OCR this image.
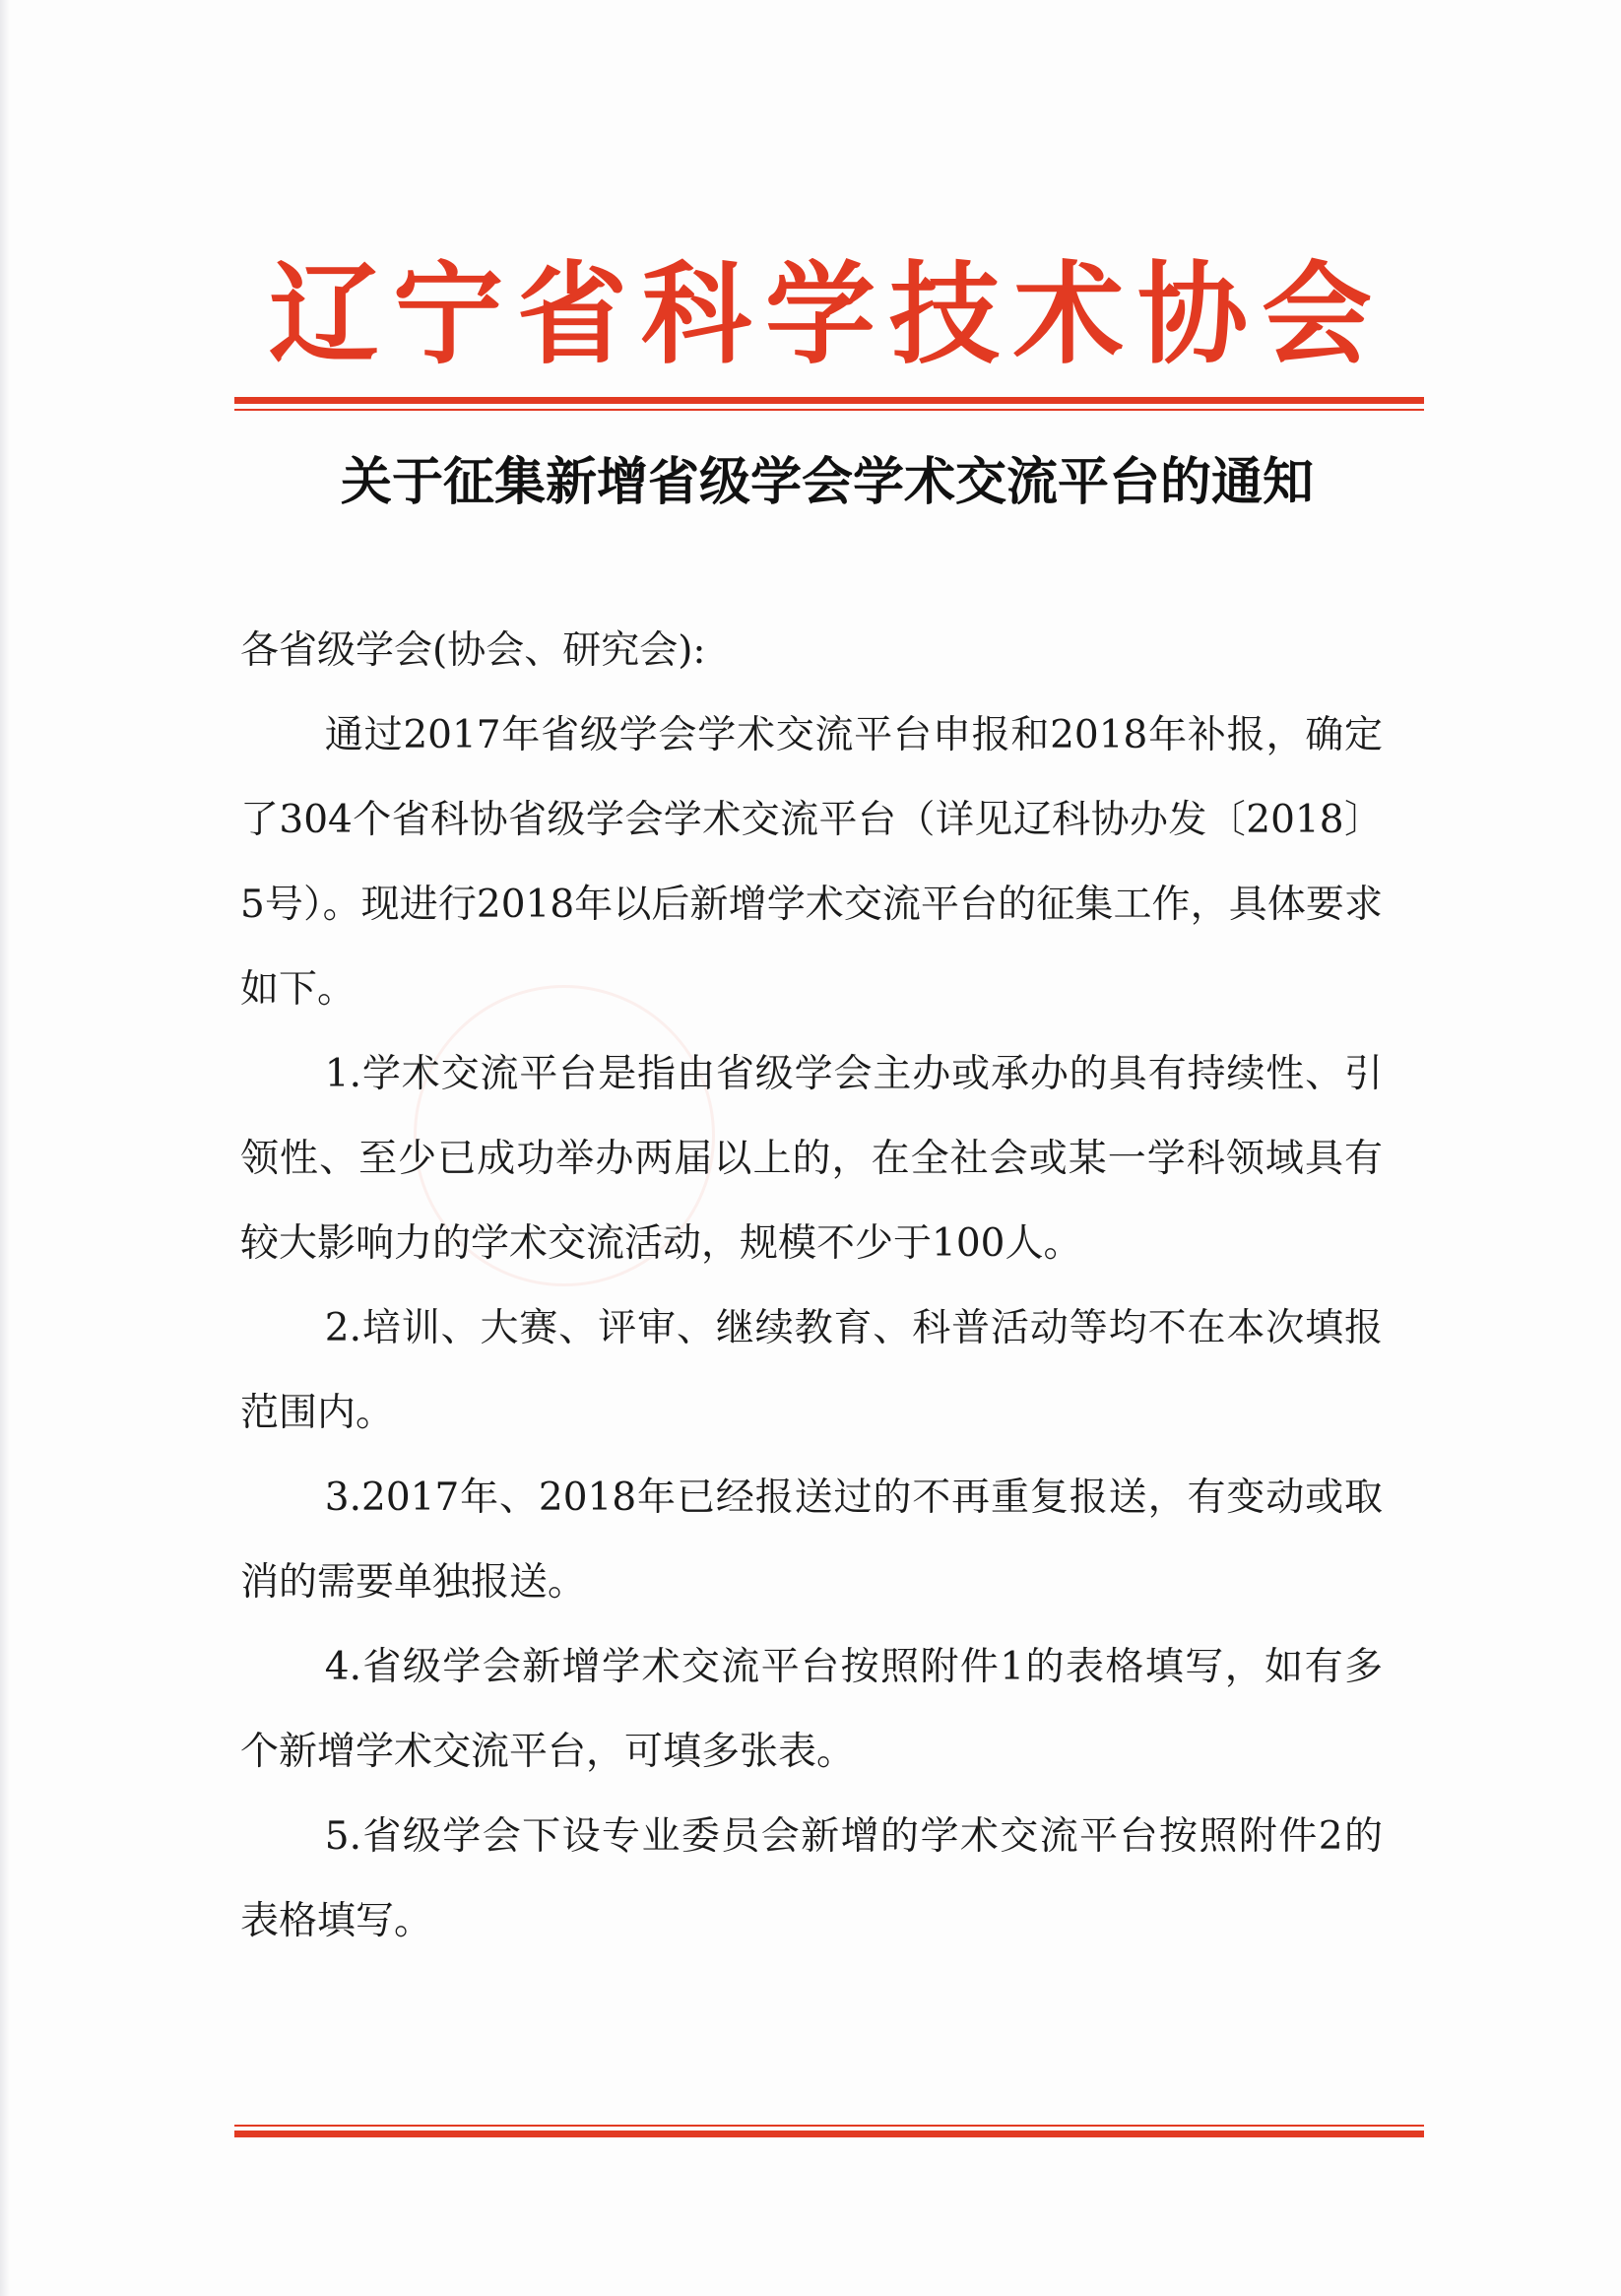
辽宁省科学技术协会
关于征集新增省级学会学术交流平台的通知
各省级学会(协会、研究会):

通过2017年省级学会学术交流平台申报和2018年补报，确定了304个省科协省级学会学术交流平台（详见辽科协办发〔2018〕5号）。现进行2018年以后新增学术交流平台的征集工作，具体要求如下。

1.学术交流平台是指由省级学会主办或承办的具有持续性、引领性、至少已成功举办两届以上的，在全社会或某一学科领域具有较大影响力的学术交流活动，规模不少于100人。

2.培训、大赛、评审、继续教育、科普活动等均不在本次填报范围内。

3.2017年、2018年已经报送过的不再重复报送，有变动或取消的需要单独报送。

4.省级学会新增学术交流平台按照附件1的表格填写，如有多个新增学术交流平台，可填多张表。

5.省级学会下设专业委员会新增的学术交流平台按照附件2的表格填写。
